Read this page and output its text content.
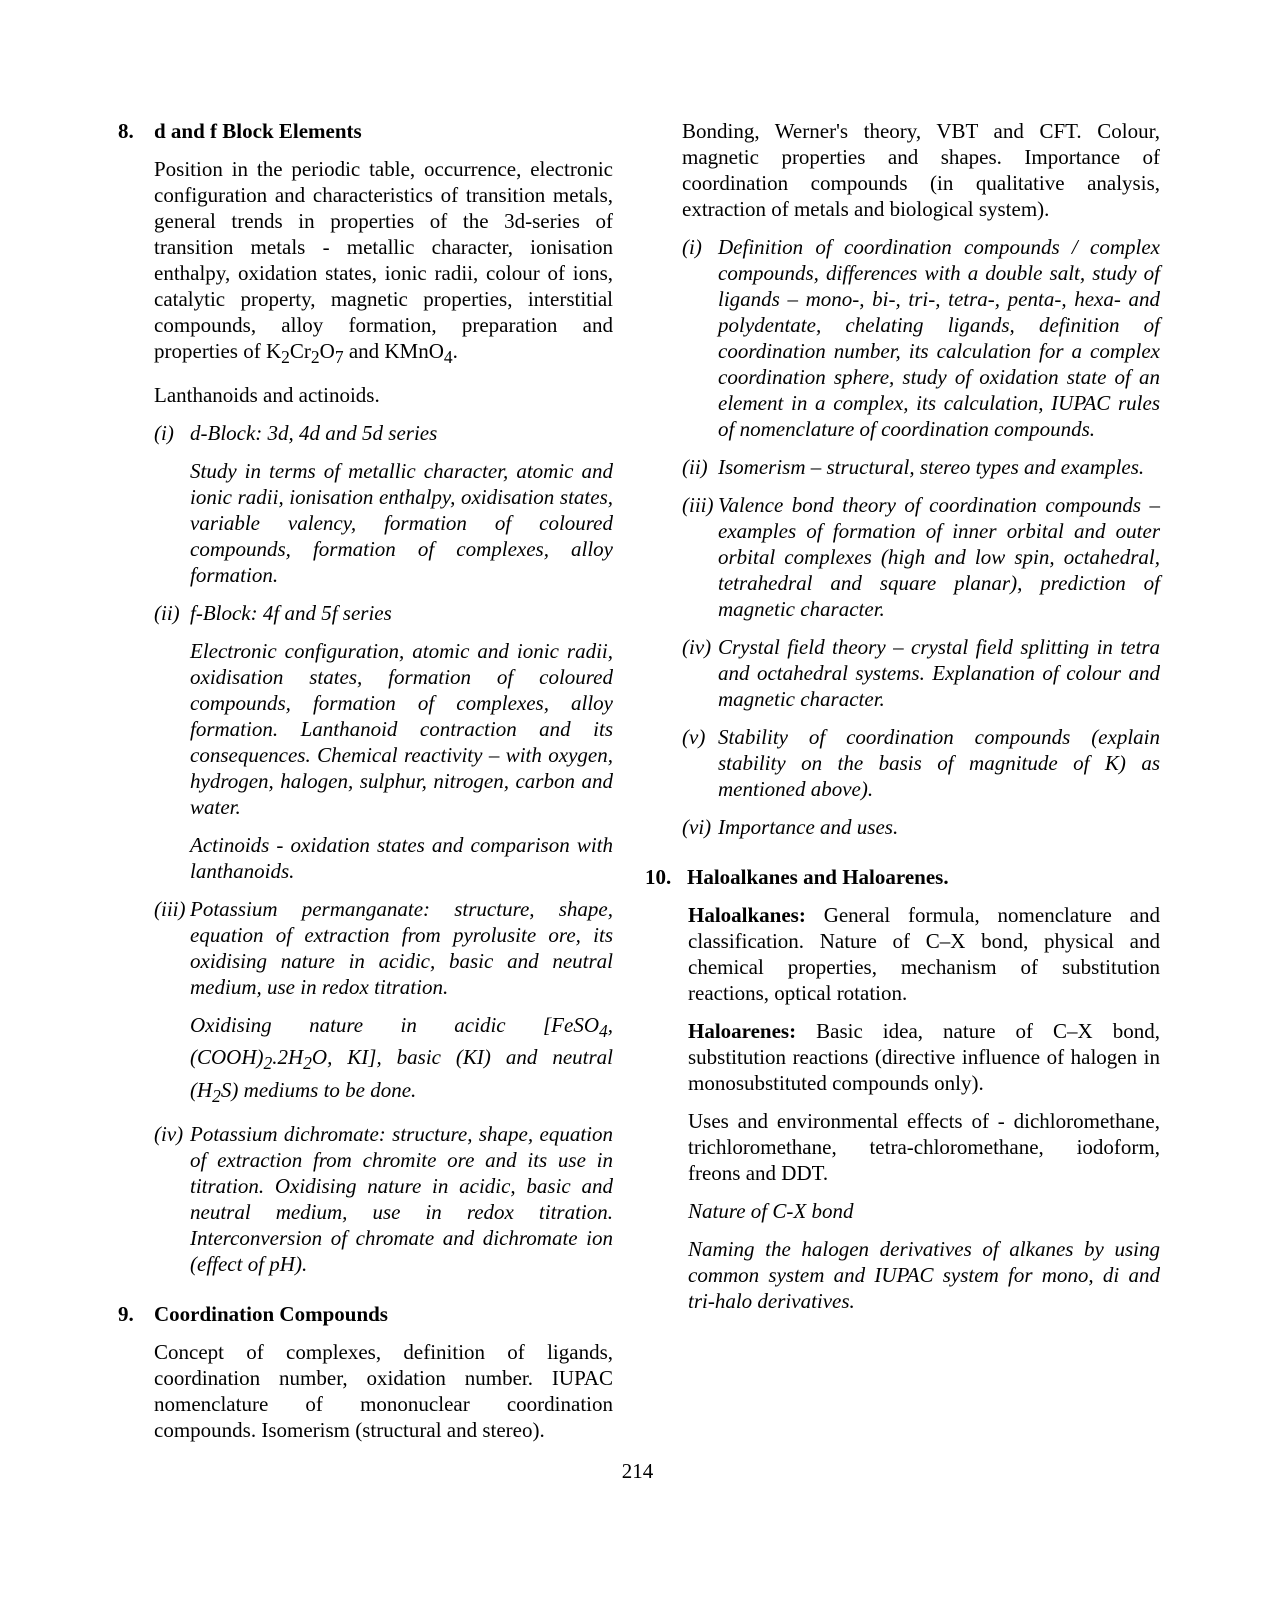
8. d and f Block Elements

Position in the periodic table, occurrence, electronic configuration and characteristics of transition metals, general trends in properties of the 3d-series of transition metals - metallic character, ionisation enthalpy, oxidation states, ionic radii, colour of ions, catalytic property, magnetic properties, interstitial compounds, alloy formation, preparation and properties of $K_2Cr_2O_7$ and KMnO$_4$.

Lanthanoids and actinoids.

(i) d-Block: 3d, 4d and 5d series

Study in terms of metallic character, atomic and ionic radii, ionisation enthalpy, oxidisation states, variable valency, formation of coloured compounds, formation of complexes, alloy formation.

(ii) f-Block: 4f and 5f series

Electronic configuration, atomic and ionic radii, oxidisation states, formation of coloured compounds, formation of complexes, alloy formation. Lanthanoid contraction and its consequences. Chemical reactivity – with oxygen, hydrogen, halogen, sulphur, nitrogen, carbon and water.

Actinoids - oxidation states and comparison with lanthanoids.

(iii) Potassium permanganate: structure, shape, equation of extraction from pyrolusite ore, its oxidising nature in acidic, basic and neutral medium, use in redox titration.

Oxidising nature in acidic [FeSO$_4$, $(COOH)_2.2H_2O$, KI], basic (KI) and neutral $(H_2S)$ mediums to be done.

(iv) Potassium dichromate: structure, shape, equation of extraction from chromite ore and its use in titration. Oxidising nature in acidic, basic and neutral medium, use in redox titration. Interconversion of chromate and dichromate ion (effect of pH).
9. Coordination Compounds

Concept of complexes, definition of ligands, coordination number, oxidation number. IUPAC nomenclature of mononuclear coordination compounds. Isomerism (structural and stereo).

Bonding, Werner's theory, VBT and CFT. Colour, magnetic properties and shapes. Importance of coordination compounds (in qualitative analysis, extraction of metals and biological system).

(i) Definition of coordination compounds / complex compounds, differences with a double salt, study of ligands – mono-, bi-, tri-, tetra-, penta-, hexa- and polydentate, chelating ligands, definition of coordination number, its calculation for a complex coordination sphere, study of oxidation state of an element in a complex, its calculation, IUPAC rules of nomenclature of coordination compounds.
(ii) Isomerism – structural, stereo types and examples.
(iii) Valence bond theory of coordination compounds – examples of formation of inner orbital and outer orbital complexes (high and low spin, octahedral, tetrahedral and square planar), prediction of magnetic character.
(iv) Crystal field theory – crystal field splitting in tetra and octahedral systems. Explanation of colour and magnetic character.
(v) Stability of coordination compounds (explain stability on the basis of magnitude of K) as mentioned above).
(vi) Importance and uses.
10. Haloalkanes and Haloarenes.

Haloalkanes: General formula, nomenclature and classification. Nature of C–X bond, physical and chemical properties, mechanism of substitution reactions, optical rotation.

Haloarenes: Basic idea, nature of C–X bond, substitution reactions (directive influence of halogen in monosubstituted compounds only).

Uses and environmental effects of - dichloromethane, trichloromethane, tetra-chloromethane, iodoform, freons and DDT.

Nature of C-X bond

Naming the halogen derivatives of alkanes by using common system and IUPAC system for mono, di and tri-halo derivatives.

214
